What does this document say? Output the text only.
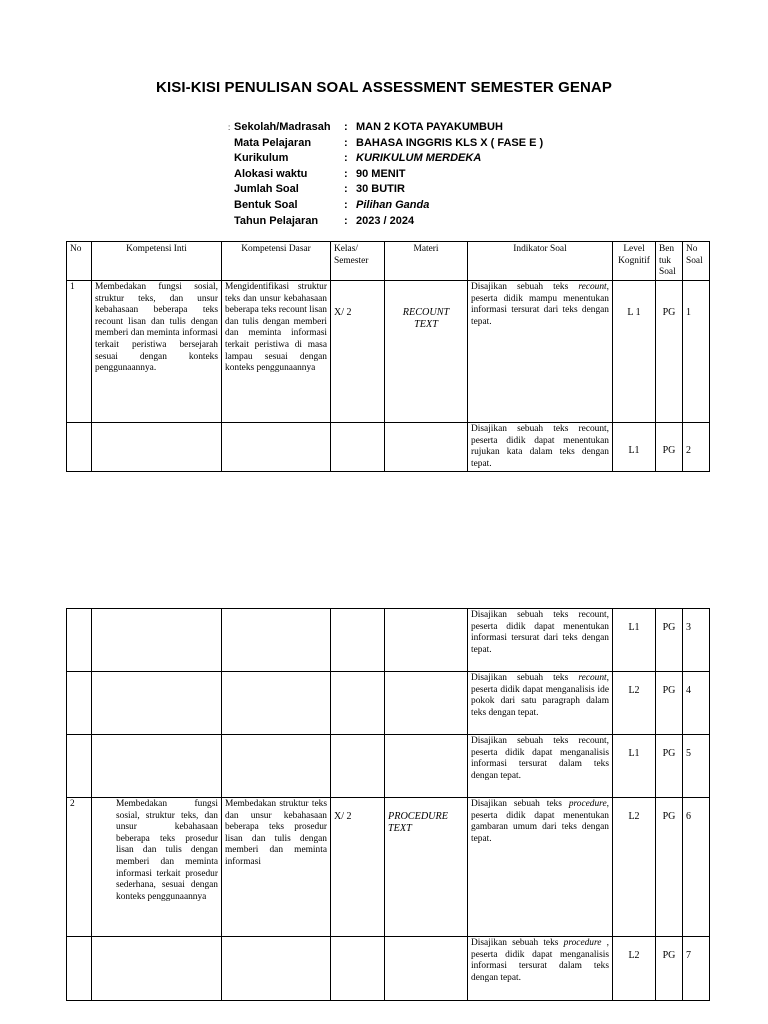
KISI-KISI PENULISAN SOAL ASSESSMENT SEMESTER GENAP
: Sekolah/Madrasah : MAN 2 KOTA PAYAKUMBUH
Mata Pelajaran	: BAHASA INGGRIS KLS X ( FASE E )
Kurikulum	: KURIKULUM MERDEKA
Alokasi waktu	: 90 MENIT
Jumlah Soal	: 30 BUTIR
Bentuk Soal	: Pilihan Ganda
Tahun Pelajaran : 2023 / 2024
No	Kompetensi Inti	Kompetensi Dasar	Kelas/
Semester	Materi	Indikator Soal	Level
Kognitif	Ben
tuk
Soal	No
Soal
1	Membedakan fungsi sosial, struktur teks, dan unsur kebahasaan beberapa teks recount lisan dan tulis dengan memberi dan meminta informasi terkait peristiwa bersejarah sesuai dengan konteks penggunaannya.	Mengidentifikasi struktur teks dan unsur kebahasaan beberapa teks recount lisan dan tulis dengan memberi dan meminta informasi terkait peristiwa di masa lampau sesuai dengan konteks penggunaannya	X/ 2	RECOUNT
TEXT	Disajikan sebuah teks recount, peserta didik mampu menentukan informasi tersurat dari teks dengan tepat.	L 1	PG	1
					Disajikan sebuah teks recount, peserta didik dapat menentukan rujukan kata dalam teks dengan tepat.	L1	PG	2
					Disajikan sebuah teks recount, peserta didik dapat menentukan informasi tersurat dari teks dengan tepat.	L1	PG	3
					Disajikan sebuah teks recount, peserta didik dapat menganalisis ide pokok dari satu paragraph dalam teks dengan tepat.	L2	PG	4
					Disajikan sebuah teks recount, peserta didik dapat menganalisis informasi tersurat dalam teks dengan tepat.	L1	PG	5
2	Membedakan fungsi sosial, struktur teks, dan unsur kebahasaan beberapa teks prosedur lisan dan tulis dengan memberi dan meminta informasi terkait prosedur sederhana, sesuai dengan konteks penggunaannya	Membedakan struktur teks dan unsur kebahasaan beberapa teks prosedur lisan dan tulis dengan memberi dan meminta informasi	X/ 2	PROCEDURE
TEXT	Disajikan sebuah teks procedure, peserta didik dapat menentukan gambaran umum dari teks dengan tepat.	L2	PG	6
					Disajikan sebuah teks procedure , peserta didik dapat menganalisis informasi tersurat dalam teks dengan tepat.	L2	PG	7
